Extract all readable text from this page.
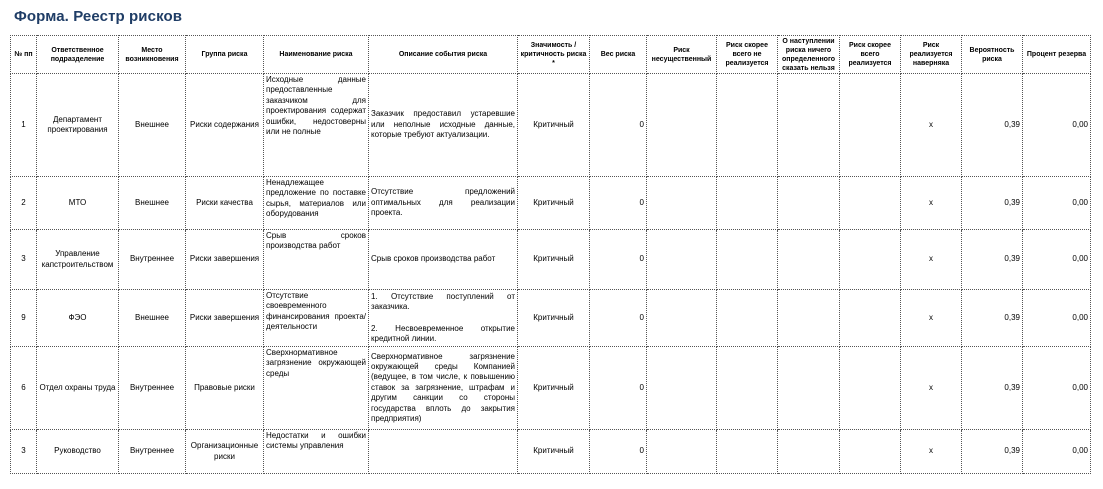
Форма. Реестр рисков
№ пп	Ответственное подразделение	Место возникновения	Группа риска	Наименование риска	Описание события риска	Значимость / критичность риска *	Вес риска	Риск несущественный	Риск скорее всего не реализуется	О наступлении риска ничего определенного сказать нельзя	Риск скорее всего реализуется	Риск реализуется наверняка	Вероятность риска	Процент резерва
1	Департамент проектирования	Внешнее	Риски содержания	Исходные данные предоставленные заказчиком для проектирования содержат ошибки, недостоверны или не полные	Заказчик предоставил устаревшие или неполные исходные данные, которые требуют актуализации.	Критичный	0					x	0,39	0,00
2	МТО	Внешнее	Риски качества	Ненадлежащее предложение по поставке сырья, материалов или оборудования	Отсутствие предложений оптимальных для реализации проекта.	Критичный	0					x	0,39	0,00
3	Управление капстроительством	Внутреннее	Риски завершения	Срыв сроков производства работ	Срыв сроков производства работ	Критичный	0					x	0,39	0,00
9	ФЭО	Внешнее	Риски завершения	Отсутствие своевременного финансирования проекта/деятельности	1. Отсутствие поступлений от заказчика.
2. Несвоевременное открытие кредитной линии.	Критичный	0					x	0,39	0,00
6	Отдел охраны труда	Внутреннее	Правовые риски	Сверхнормативное загрязнение окружающей среды	Сверхнормативное загрязнение окружающей среды Компанией (ведущее, в том числе, к повышению ставок за загрязнение, штрафам и другим санкции со стороны государства вплоть до закрытия предприятия)	Критичный	0					x	0,39	0,00
3	Руководство	Внутреннее	Организационные риски	Недостатки и ошибки системы управления		Критичный	0					x	0,39	0,00
